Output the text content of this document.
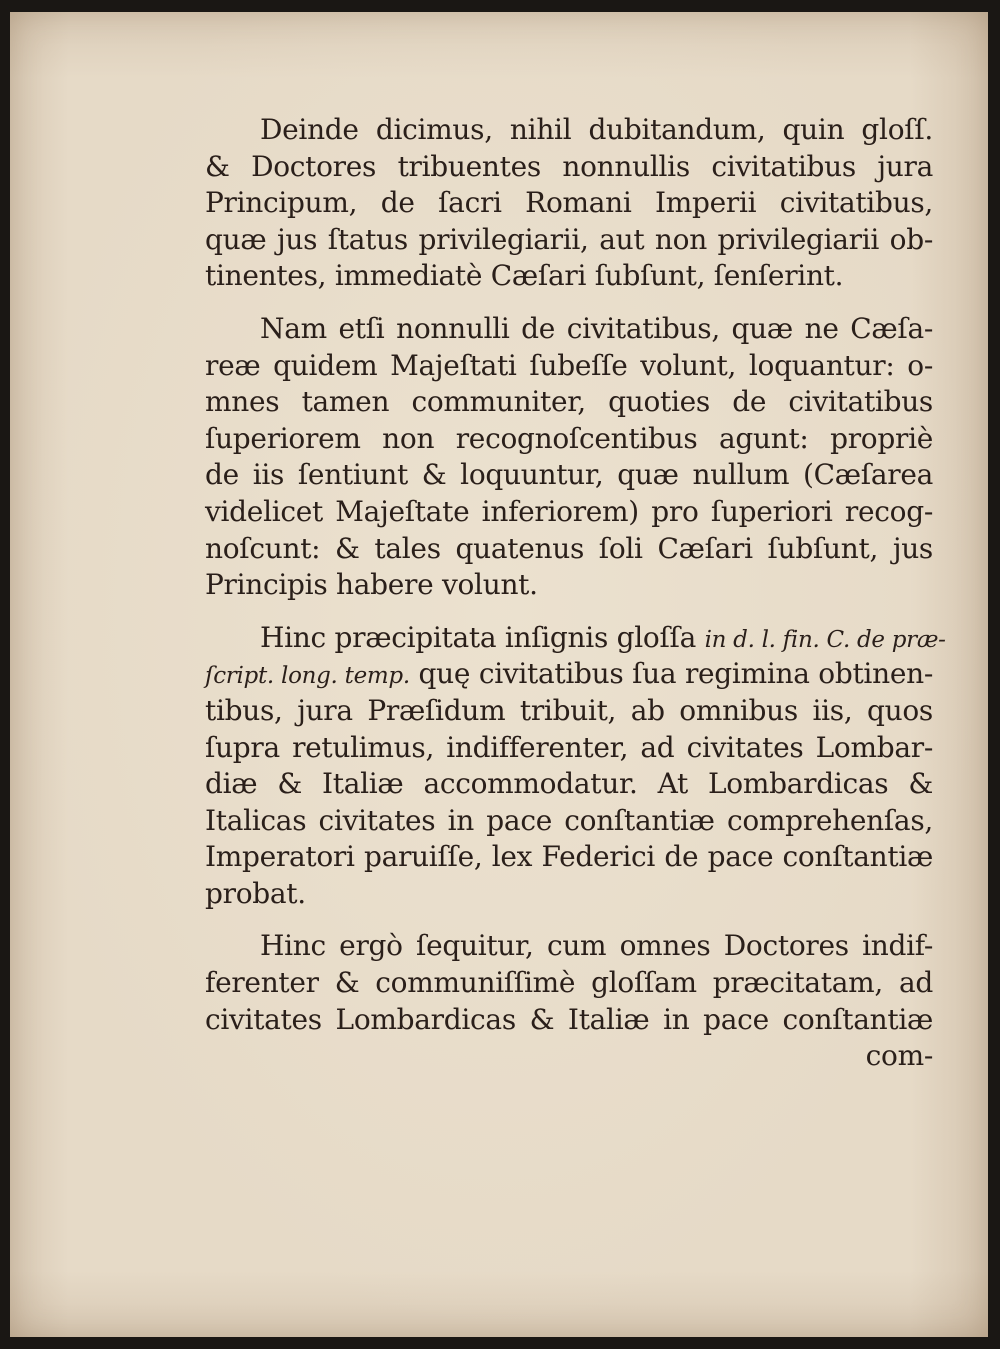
Deinde dicimus, nihil dubitandum, quin gloſſ.
& Doctores tribuentes nonnullis civitatibus jura
Principum, de ſacri Romani Imperii civitatibus,
quæ jus ſtatus privilegiarii, aut non privilegiarii ob-
tinentes, immediatè Cæſari ſubſunt, ſenſerint.
Nam etſi nonnulli de civitatibus, quæ ne Cæſa-
reæ quidem Majeſtati ſubeſſe volunt, loquantur: o-
mnes tamen communiter, quoties de civitatibus
ſuperiorem non recognoſcentibus agunt: propriè
de iis ſentiunt & loquuntur, quæ nullum (Cæſarea
videlicet Majeſtate inferiorem) pro ſuperiori recog-
noſcunt: & tales quatenus ſoli Cæſari ſubſunt, jus
Principis habere volunt.
Hinc præcipitata inſignis gloſſa in d. l. fin. C. de præ-
ſcript. long. temp. quę civitatibus ſua regimina obtinen-
tibus, jura Præſidum tribuit, ab omnibus iis, quos
ſupra retulimus, indifferenter, ad civitates Lombar-
diæ & Italiæ accommodatur. At Lombardicas &
Italicas civitates in pace conſtantiæ comprehenſas,
Imperatori paruiſſe, lex Federici de pace conſtantiæ
probat.
Hinc ergò ſequitur, cum omnes Doctores indif-
ferenter & communiſſimè gloſſam præcitatam, ad
civitates Lombardicas & Italiæ in pace conſtantiæ
com-
